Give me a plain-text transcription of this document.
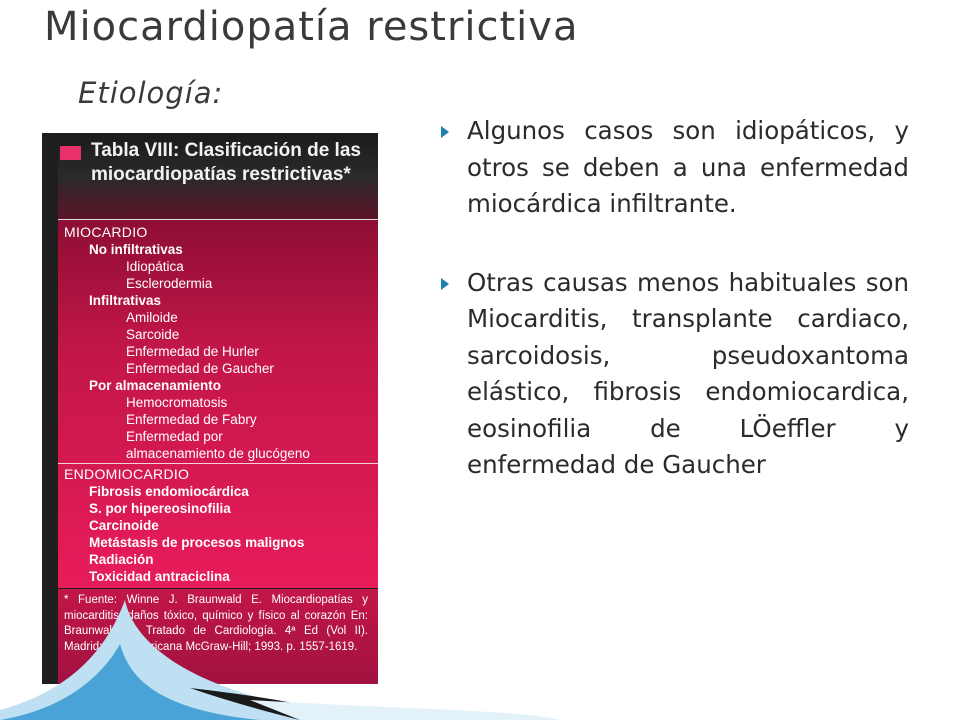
Miocardiopatía restrictiva
Etiología:
Tabla VIII: Clasificación de las miocardiopatías restrictivas*
MIOCARDIO
No infiltrativas
Idiopática
Esclerodermia
Infiltrativas
Amiloide
Sarcoide
Enfermedad de Hurler
Enfermedad de Gaucher
Por almacenamiento
Hemocromatosis
Enfermedad de Fabry
Enfermedad por
almacenamiento de glucógeno
ENDOMIOCARDIO
Fibrosis endomiocárdica
S. por hipereosinofilia
Carcinoide
Metástasis de procesos malignos
Radiación
Toxicidad antraciclina
* Fuente: Winne J. Braunwald E. Miocardiopatías y miocarditis: daños tóxico, químico y físico al corazón En: Braunwald E. Tratado de Cardiología. 4ª Ed (Vol II). Madrid: Interamericana McGraw-Hill; 1993. p. 1557-1619.
Algunos casos son idiopáticos, y otros se deben a una enfermedad miocárdica infiltrante.
Otras causas menos habituales son Miocarditis, transplante cardiaco, sarcoidosis, pseudoxantoma elástico, fibrosis endomiocardica, eosinofilia de LÖeffler y enfermedad de Gaucher
